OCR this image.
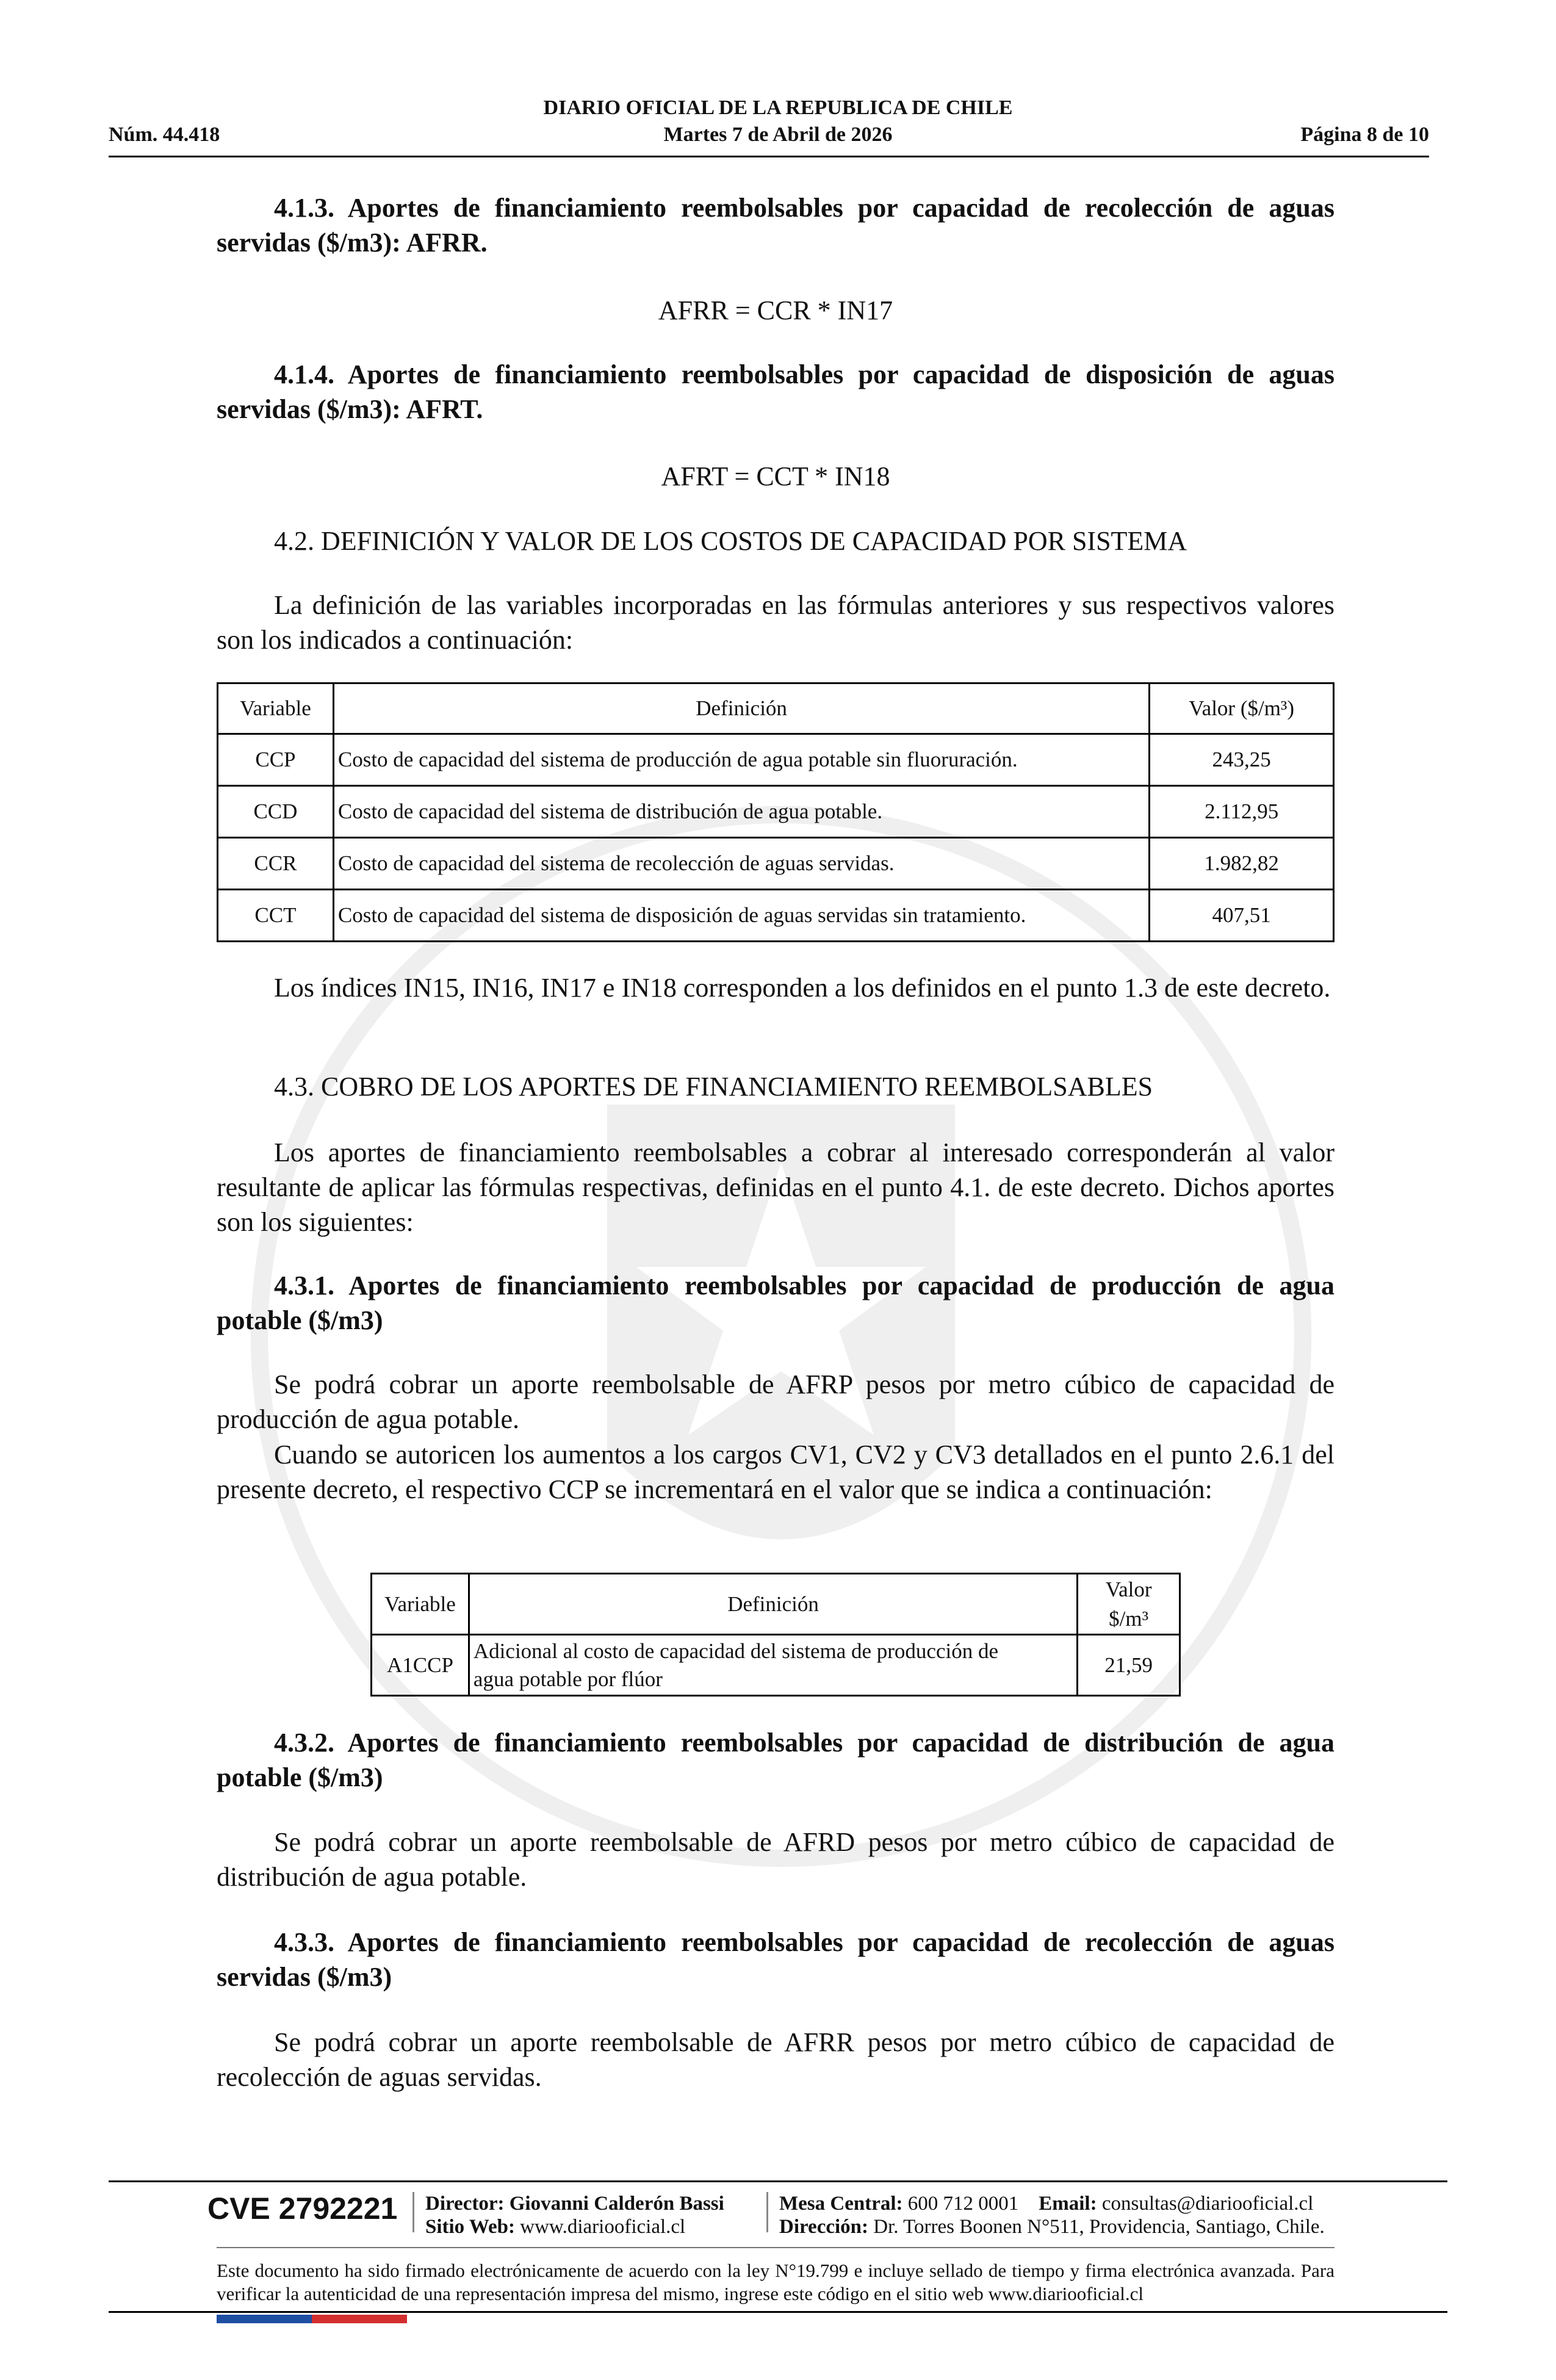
DIARIO OFICIAL DE LA REPUBLICA DE CHILE
Núm. 44.418	Martes 7 de Abril de 2026	Página 8 de 10
4.1.3. Aportes de financiamiento reembolsables por capacidad de recolección de aguas servidas ($/m3): AFRR.
AFRR = CCR * IN17
4.1.4. Aportes de financiamiento reembolsables por capacidad de disposición de aguas servidas ($/m3): AFRT.
AFRT = CCT * IN18
4.2. DEFINICIÓN Y VALOR DE LOS COSTOS DE CAPACIDAD POR SISTEMA
La definición de las variables incorporadas en las fórmulas anteriores y sus respectivos valores son los indicados a continuación:
Variable	Definición	Valor ($/m³)
CCP	Costo de capacidad del sistema de producción de agua potable sin fluoruración.	243,25
CCD	Costo de capacidad del sistema de distribución de agua potable.	2.112,95
CCR	Costo de capacidad del sistema de recolección de aguas servidas.	1.982,82
CCT	Costo de capacidad del sistema de disposición de aguas servidas sin tratamiento.	407,51
Los índices IN15, IN16, IN17 e IN18 corresponden a los definidos en el punto 1.3 de este decreto.
4.3. COBRO DE LOS APORTES DE FINANCIAMIENTO REEMBOLSABLES
Los aportes de financiamiento reembolsables a cobrar al interesado corresponderán al valor resultante de aplicar las fórmulas respectivas, definidas en el punto 4.1. de este decreto. Dichos aportes son los siguientes:
4.3.1. Aportes de financiamiento reembolsables por capacidad de producción de agua potable ($/m3)
Se podrá cobrar un aporte reembolsable de AFRP pesos por metro cúbico de capacidad de producción de agua potable.
Cuando se autoricen los aumentos a los cargos CV1, CV2 y CV3 detallados en el punto 2.6.1 del presente decreto, el respectivo CCP se incrementará en el valor que se indica a continuación:
Variable	Definición	Valor
$/m³
A1CCP	Adicional al costo de capacidad del sistema de producción de
agua potable por flúor	21,59
4.3.2. Aportes de financiamiento reembolsables por capacidad de distribución de agua potable ($/m3)
Se podrá cobrar un aporte reembolsable de AFRD pesos por metro cúbico de capacidad de distribución de agua potable.
4.3.3. Aportes de financiamiento reembolsables por capacidad de recolección de aguas servidas ($/m3)
Se podrá cobrar un aporte reembolsable de AFRR pesos por metro cúbico de capacidad de recolección de aguas servidas.
CVE 2792221 Director: Giovanni Calderón Bassi
Sitio Web: www.diariooficial.cl
Mesa Central: 600 712 0001 Email: consultas@diariooficial.cl
Dirección: Dr. Torres Boonen N°511, Providencia, Santiago, Chile.
Este documento ha sido firmado electrónicamente de acuerdo con la ley N°19.799 e incluye sellado de tiempo y firma electrónica avanzada. Para verificar la autenticidad de una representación impresa del mismo, ingrese este código en el sitio web www.diariooficial.cl
